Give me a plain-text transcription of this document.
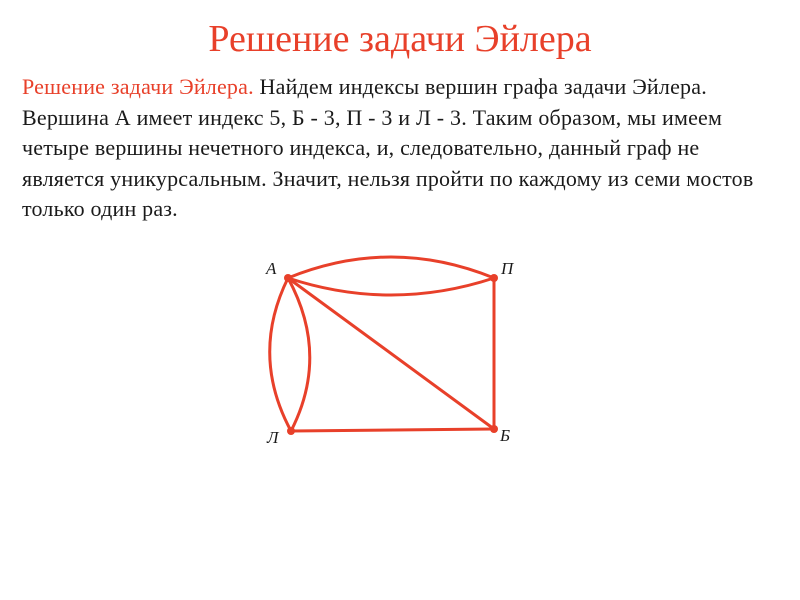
Решение задачи Эйлера

Решение задачи Эйлера. Найдем индексы вершин графа задачи Эйлера. Вершина А имеет индекс 5, Б - 3, П - 3 и Л - 3. Таким образом, мы имеем четыре вершины нечетного индекса, и, следовательно, данный граф не является уникурсальным. Значит, нельзя пройти по каждому из семи мостов только один раз.

А	П
Л	Б
